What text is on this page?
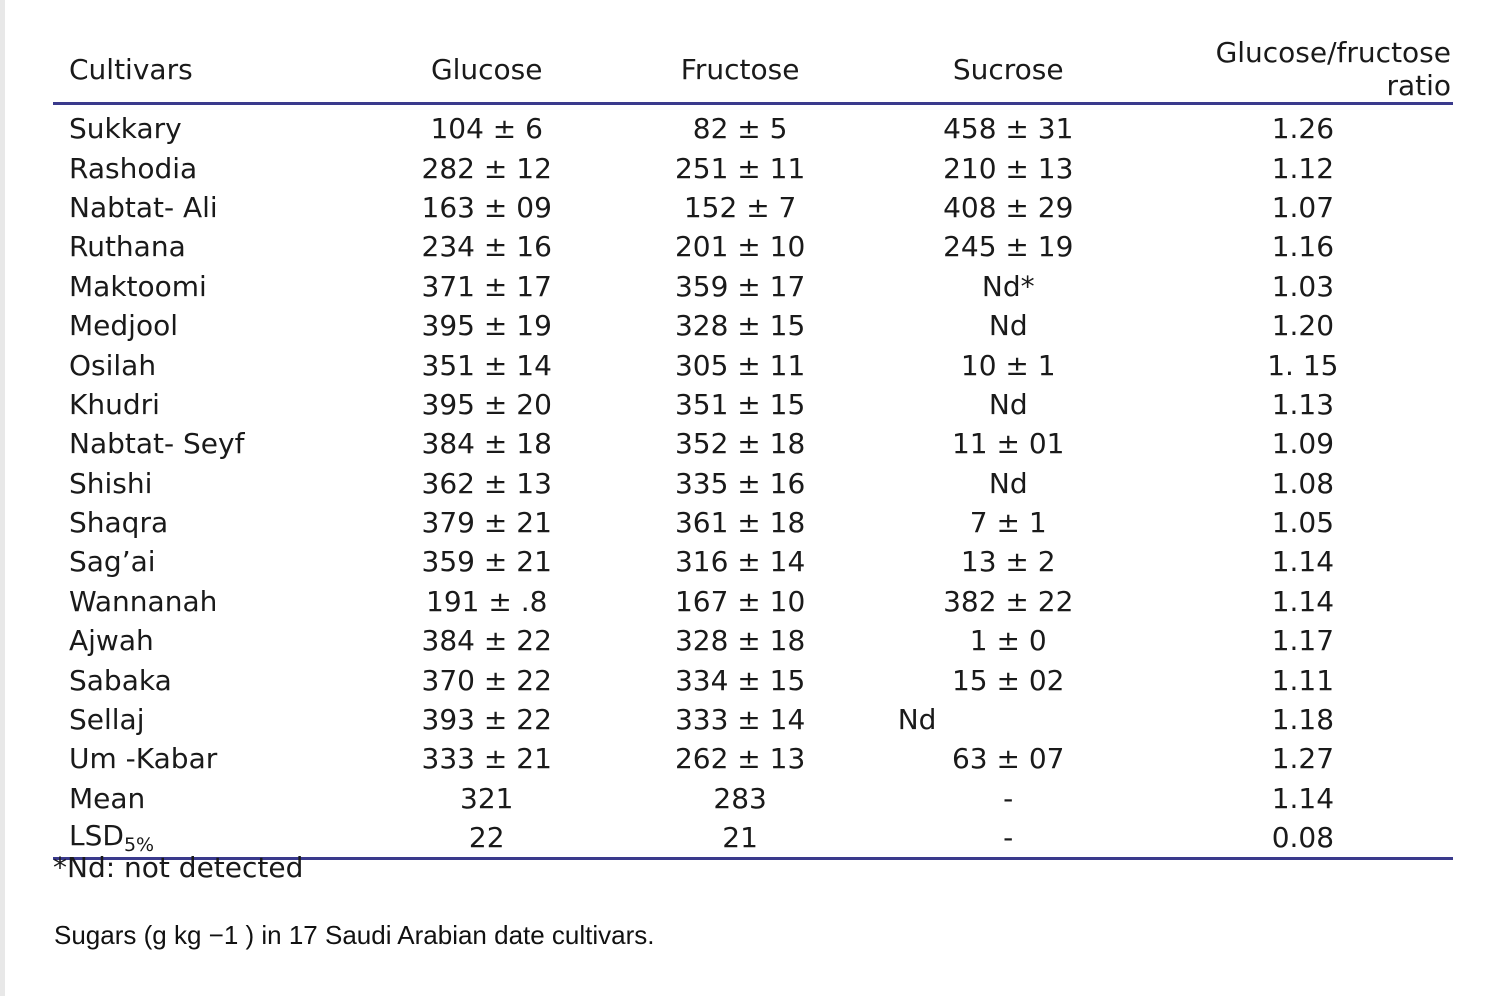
Cultivars	Glucose	Fructose	Sucrose	Glucose/fructose ratio
Sukkary	104 ± 6	82 ± 5	458 ± 31	1.26
Rashodia	282 ± 12	251 ± 11	210 ± 13	1.12
Nabtat- Ali	163 ± 09	152 ± 7	408 ± 29	1.07
Ruthana	234 ± 16	201 ± 10	245 ± 19	1.16
Maktoomi	371 ± 17	359 ± 17	Nd*	1.03
Medjool	395 ± 19	328 ± 15	Nd	1.20
Osilah	351 ± 14	305 ± 11	10 ± 1	1. 15
Khudri	395 ± 20	351 ± 15	Nd	1.13
Nabtat- Seyf	384 ± 18	352 ± 18	11 ± 01	1.09
Shishi	362 ± 13	335 ± 16	Nd	1.08
Shaqra	379 ± 21	361 ± 18	7 ± 1	1.05
Sag’ai	359 ± 21	316 ± 14	13 ± 2	1.14
Wannanah	191 ± .8	167 ± 10	382 ± 22	1.14
Ajwah	384 ± 22	328 ± 18	1 ± 0	1.17
Sabaka	370 ± 22	334 ± 15	15 ± 02	1.11
Sellaj	393 ± 22	333 ± 14	Nd	1.18
Um -Kabar	333 ± 21	262 ± 13	63 ± 07	1.27
Mean	321	283	-	1.14
$LSD_{5\%}$	22	21	-	0.08
*Nd: not detected
Sugars (g kg −1 ) in 17 Saudi Arabian date cultivars.
